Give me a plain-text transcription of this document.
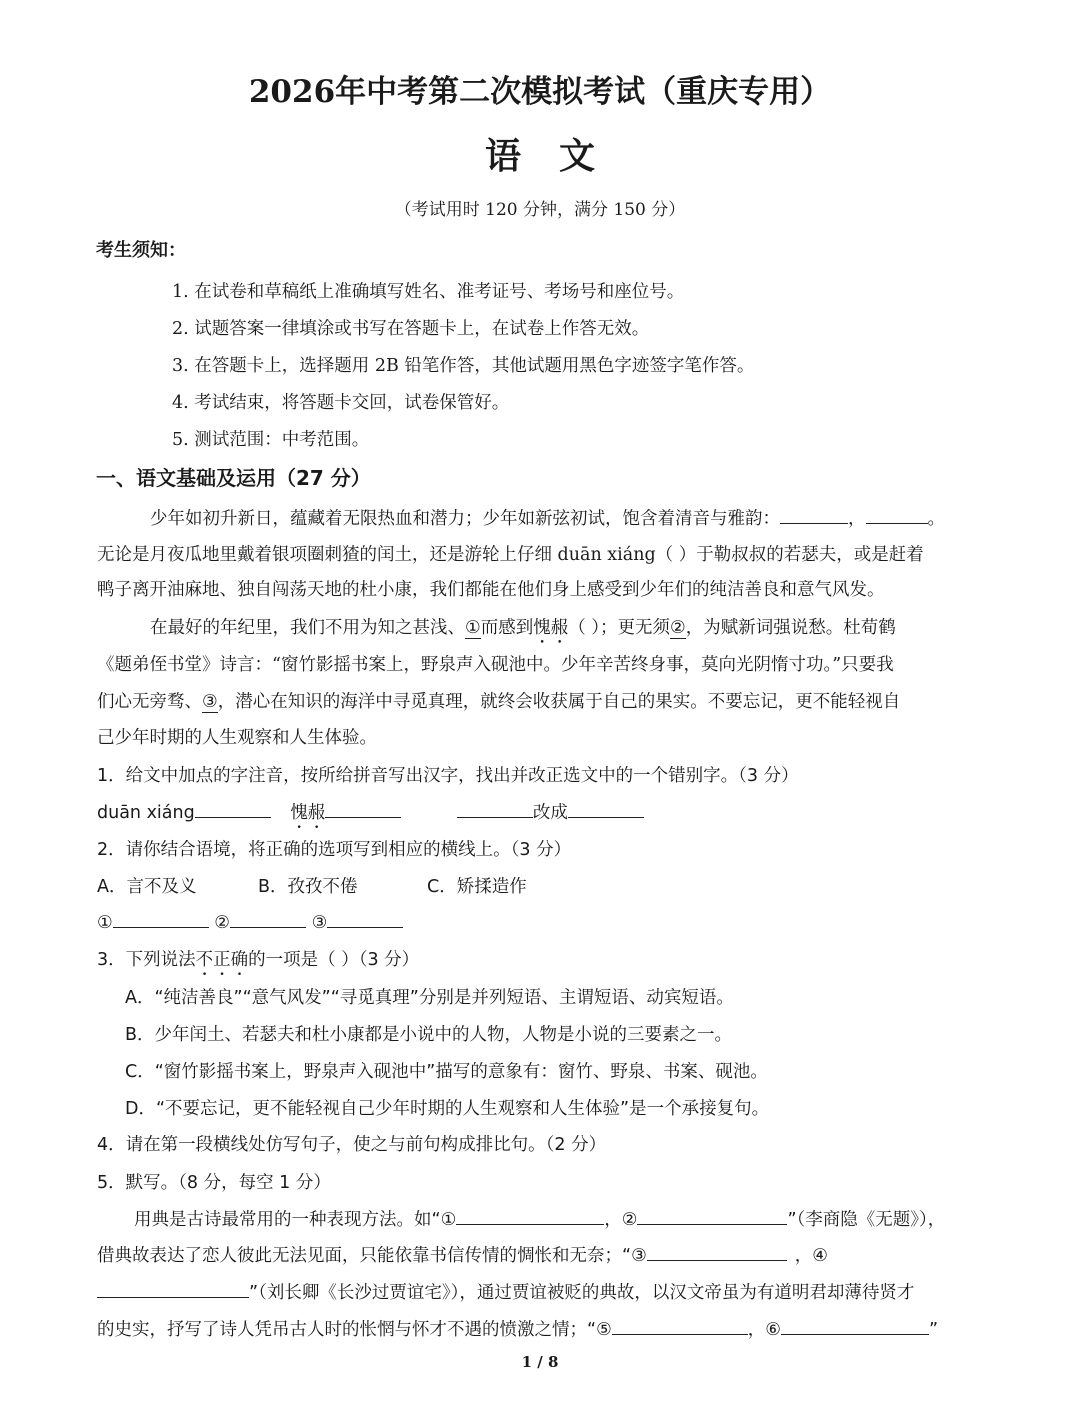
2026年中考第二次模拟考试（重庆专用）
语文
（考试用时 120 分钟，满分 150 分）
考生须知：
1. 在试卷和草稿纸上准确填写姓名、准考证号、考场号和座位号。
2. 试题答案一律填涂或书写在答题卡上，在试卷上作答无效。
3. 在答题卡上，选择题用 2B 铅笔作答，其他试题用黑色字迹签字笔作答。
4. 考试结束，将答题卡交回，试卷保管好。
5. 测试范围：中考范围。
一、语文基础及运用（27 分）
少年如初升新日，蕴藏着无限热血和潜力；少年如新弦初试，饱含着清音与雅韵：	，	。
无论是月夜瓜地里戴着银项圈刺猹的闰土，还是游轮上仔细 duān xiáng（ ）于勒叔叔的若瑟夫，或是赶着
鸭子离开油麻地、独自闯荡天地的杜小康，我们都能在他们身上感受到少年们的纯洁善良和意气风发。
在最好的年纪里，我们不用为知之甚浅、①而感到愧赧（ ）；更无须②，为赋新词强说愁。杜荀鹤
《题弟侄书堂》诗言：“窗竹影摇书案上，野泉声入砚池中。少年辛苦终身事，莫向光阴惰寸功。”只要我
们心无旁骛、③，潜心在知识的海洋中寻觅真理，就终会收获属于自己的果实。不要忘记，更不能轻视自
己少年时期的人生观察和人生体验。
1．给文中加点的字注音，按所给拼音写出汉字，找出并改正选文中的一个错别字。（3 分）
duān xiáng	愧赧	改成
2．请你结合语境，将正确的选项写到相应的横线上。（3 分）
A．言不及义	B．孜孜不倦	C．矫揉造作
①	②	③
3．下列说法不正确的一项是（ ）（3 分）
A．“纯洁善良”“意气风发”“寻觅真理”分别是并列短语、主谓短语、动宾短语。
B．少年闰土、若瑟夫和杜小康都是小说中的人物，人物是小说的三要素之一。
C．“窗竹影摇书案上，野泉声入砚池中”描写的意象有：窗竹、野泉、书案、砚池。
D．“不要忘记，更不能轻视自己少年时期的人生观察和人生体验”是一个承接复句。
4．请在第一段横线处仿写句子，使之与前句构成排比句。（2 分）
5．默写。（8 分，每空 1 分）
用典是古诗最常用的一种表现方法。如“①	，②	”（李商隐《无题》），
借典故表达了恋人彼此无法见面，只能依靠书信传情的惆怅和无奈；“③	，④
”（刘长卿《长沙过贾谊宅》），通过贾谊被贬的典故，以汉文帝虽为有道明君却薄待贤才
的史实，抒写了诗人凭吊古人时的怅惘与怀才不遇的愤激之情；“⑤	，⑥	”
1 / 8
